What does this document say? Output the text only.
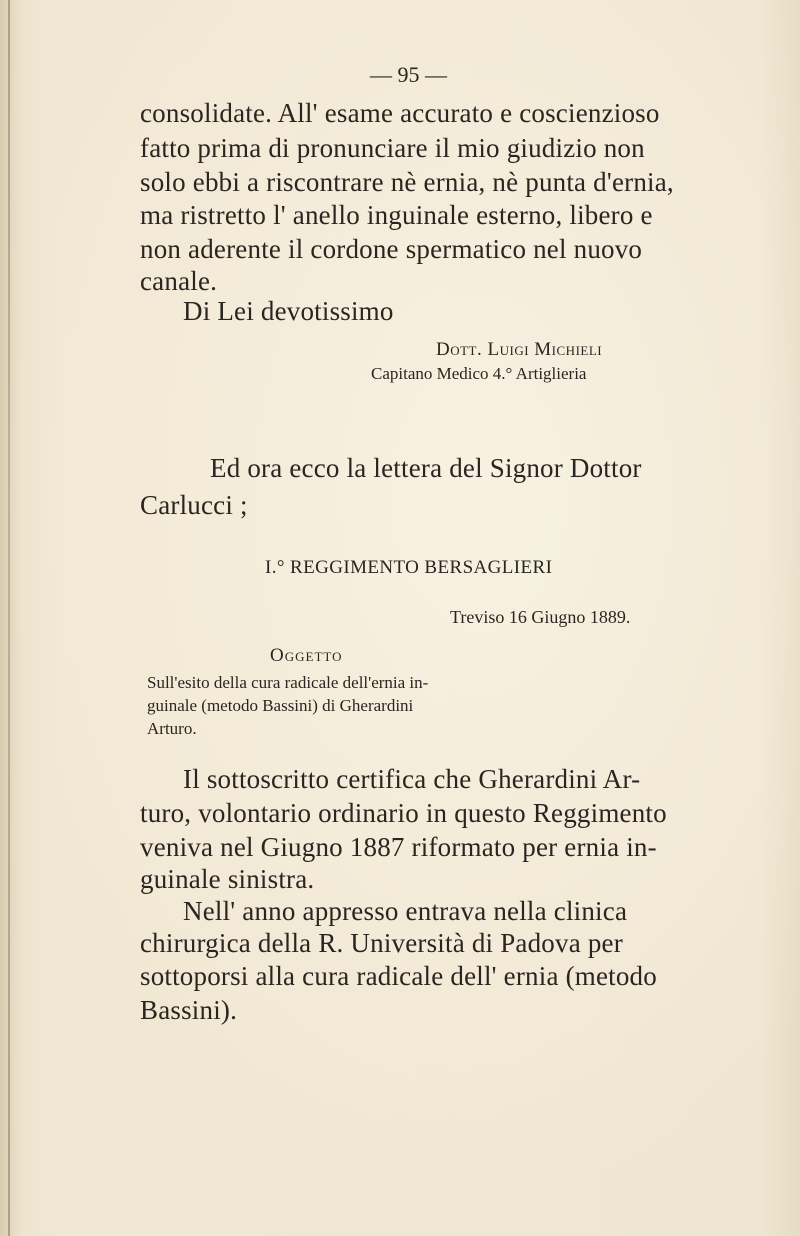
— 95 —
consolidate. All' esame accurato e coscienzioso
fatto prima di pronunciare il mio giudizio non
solo ebbi a riscontrare nè ernia, nè punta d'ernia,
ma ristretto l' anello inguinale esterno, libero e
non aderente il cordone spermatico nel nuovo
canale.
Di Lei devotissimo
Dott. Luigi Michieli
Capitano Medico 4.° Artiglieria
Ed ora ecco la lettera del Signor Dottor
Carlucci ;
I.° REGGIMENTO BERSAGLIERI
Treviso 16 Giugno 1889.
Oggetto
Sull'esito della cura radicale dell'ernia in-
guinale (metodo Bassini) di Gherardini
Arturo.
Il sottoscritto certifica che Gherardini Ar-
turo, volontario ordinario in questo Reggimento
veniva nel Giugno 1887 riformato per ernia in-
guinale sinistra.
Nell' anno appresso entrava nella clinica
chirurgica della R. Università di Padova per
sottoporsi alla cura radicale dell' ernia (metodo
Bassini).
